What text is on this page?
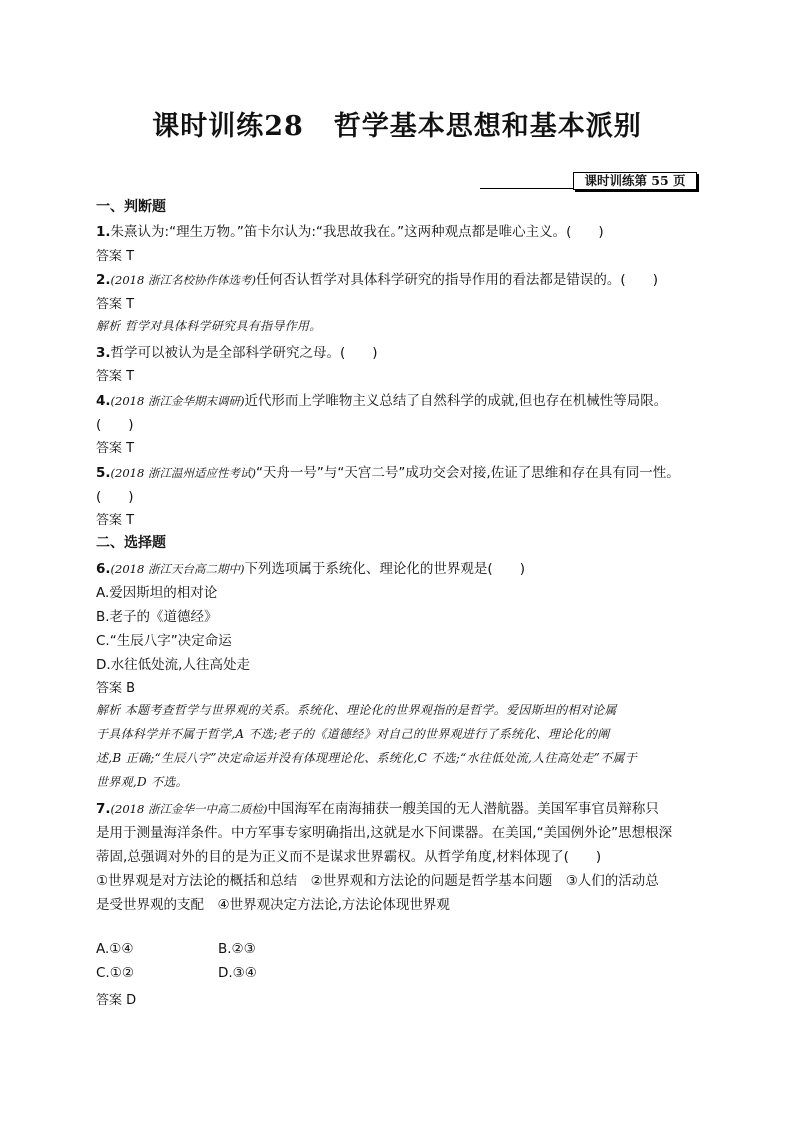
课时训练28 哲学基本思想和基本派别
课时训练第 55 页
一、判断题
1.朱熹认为:“理生万物。”笛卡尔认为:“我思故我在。”这两种观点都是唯心主义。(　　)
答案 T
2.(2018 浙江名校协作体选考)任何否认哲学对具体科学研究的指导作用的看法都是错误的。(　　)
答案 T
解析 哲学对具体科学研究具有指导作用。
3.哲学可以被认为是全部科学研究之母。(　　)
答案 T
4.(2018 浙江金华期末调研)近代形而上学唯物主义总结了自然科学的成就,但也存在机械性等局限。
(　　)
答案 T
5.(2018 浙江温州适应性考试)“天舟一号”与“天宫二号”成功交会对接,佐证了思维和存在具有同一性。
(　　)
答案 T
二、选择题
6.(2018 浙江天台高二期中)下列选项属于系统化、理论化的世界观是(　　)
A.爱因斯坦的相对论
B.老子的《道德经》
C.“生辰八字”决定命运
D.水往低处流,人往高处走
答案 B
解析 本题考查哲学与世界观的关系。系统化、理论化的世界观指的是哲学。爱因斯坦的相对论属
于具体科学并不属于哲学,A 不选;老子的《道德经》对自己的世界观进行了系统化、理论化的阐
述,B 正确;“生辰八字”决定命运并没有体现理论化、系统化,C 不选;“水往低处流,人往高处走”不属于
世界观,D 不选。
7.(2018 浙江金华一中高二质检)中国海军在南海捕获一艘美国的无人潜航器。美国军事官员辩称只
是用于测量海洋条件。中方军事专家明确指出,这就是水下间谍器。在美国,“美国例外论”思想根深
蒂固,总强调对外的目的是为正义而不是谋求世界霸权。从哲学角度,材料体现了(　　)
①世界观是对方法论的概括和总结　②世界观和方法论的问题是哲学基本问题　③人们的活动总
是受世界观的支配　④世界观决定方法论,方法论体现世界观
A.①④	B.②③
C.①②	D.③④
答案 D
